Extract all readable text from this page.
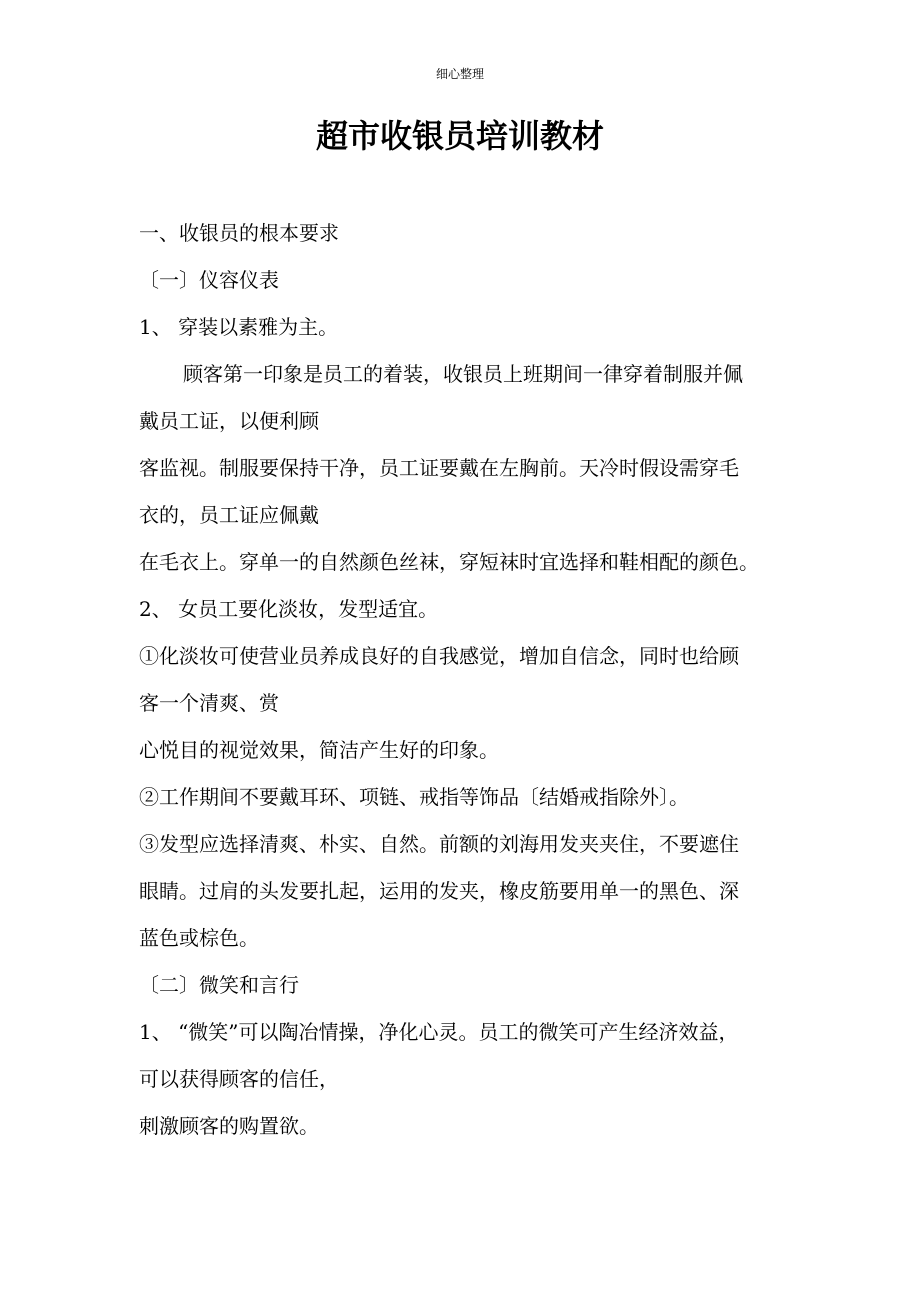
细心整理
超市收银员培训教材

一、收银员的根本要求

〔一〕仪容仪表

1、 穿装以素雅为主。

顾客第一印象是员工的着装，收银员上班期间一律穿着制服并佩

戴员工证，以便利顾

客监视。制服要保持干净，员工证要戴在左胸前。天冷时假设需穿毛

衣的，员工证应佩戴

在毛衣上。穿单一的自然颜色丝袜，穿短袜时宜选择和鞋相配的颜色。

2、 女员工要化淡妆，发型适宜。

①化淡妆可使营业员养成良好的自我感觉，增加自信念，同时也给顾

客一个清爽、赏

心悦目的视觉效果，简洁产生好的印象。

②工作期间不要戴耳环、项链、戒指等饰品〔结婚戒指除外〕。

③发型应选择清爽、朴实、自然。前额的刘海用发夹夹住，不要遮住

眼睛。过肩的头发要扎起，运用的发夹，橡皮筋要用单一的黑色、深

蓝色或棕色。

〔二〕微笑和言行

1、 “微笑”可以陶冶情操，净化心灵。员工的微笑可产生经济效益，

可以获得顾客的信任，

刺激顾客的购置欲。
